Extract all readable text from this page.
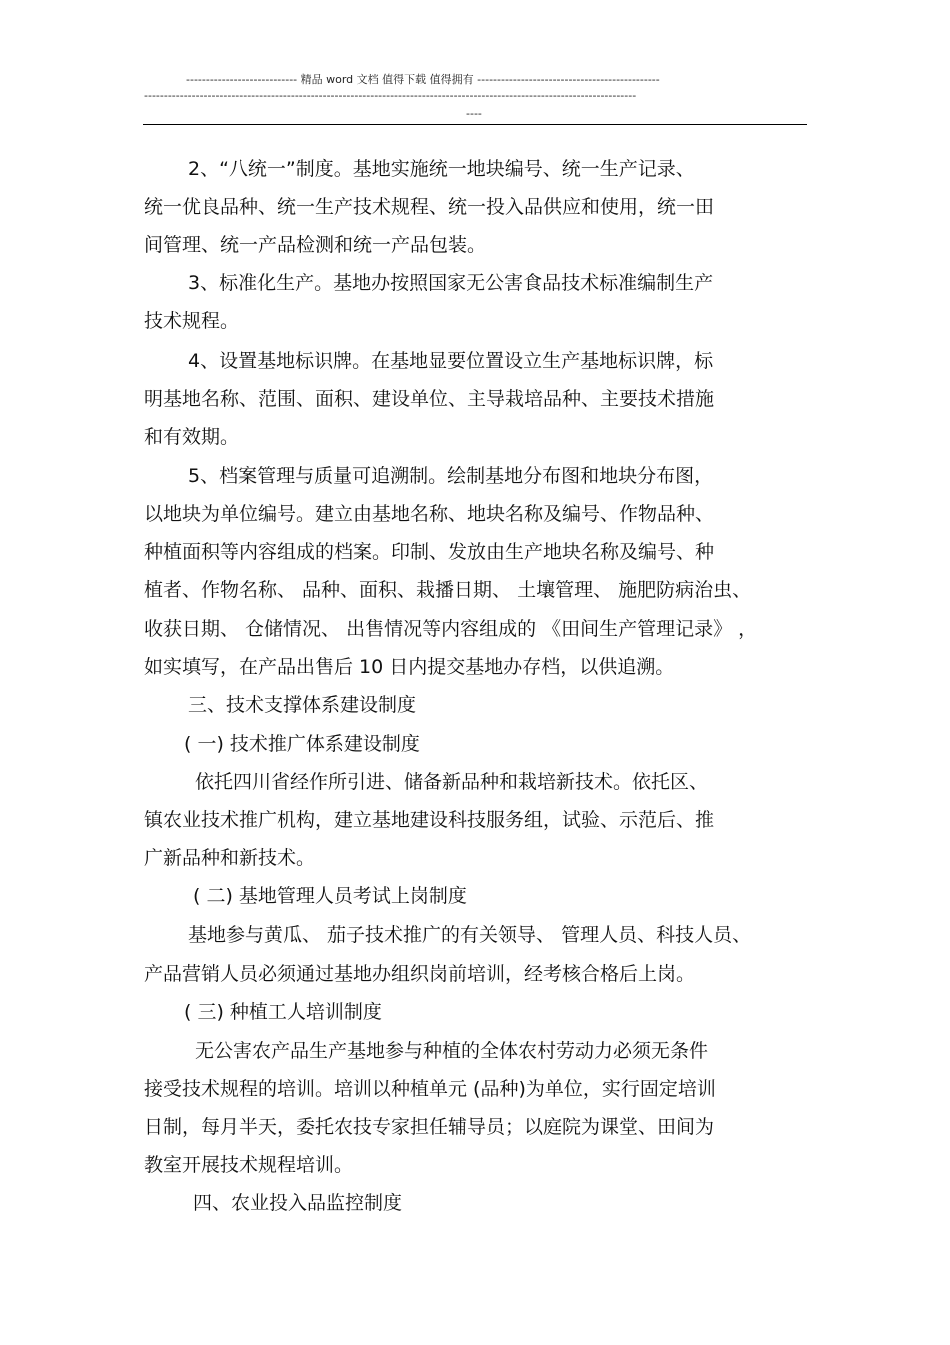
---------------------------- 精品 word 文档 值得下载 值得拥有 ----------------------------------------------
----------------------------------------------------------------------------------------------------------------------------
----
2、“八统一”制度。基地实施统一地块编号、统一生产记录、
统一优良品种、统一生产技术规程、统一投入品供应和使用，统一田
间管理、统一产品检测和统一产品包装。
3、标准化生产。基地办按照国家无公害食品技术标准编制生产
技术规程。
4、设置基地标识牌。在基地显要位置设立生产基地标识牌，标
明基地名称、范围、面积、建设单位、主导栽培品种、主要技术措施
和有效期。
5、档案管理与质量可追溯制。绘制基地分布图和地块分布图，
以地块为单位编号。建立由基地名称、地块名称及编号、作物品种、
种植面积等内容组成的档案。印制、发放由生产地块名称及编号、种
植者、作物名称、 品种、面积、栽播日期、 土壤管理、 施肥防病治虫、
收获日期、 仓储情况、 出售情况等内容组成的 《田间生产管理记录》 ，
如实填写，在产品出售后 10 日内提交基地办存档，以供追溯。
三、技术支撑体系建设制度
( 一) 技术推广体系建设制度
依托四川省经作所引进、储备新品种和栽培新技术。依托区、
镇农业技术推广机构，建立基地建设科技服务组，试验、示范后、推
广新品种和新技术。
( 二) 基地管理人员考试上岗制度
基地参与黄瓜、 茄子技术推广的有关领导、 管理人员、科技人员、
产品营销人员必须通过基地办组织岗前培训，经考核合格后上岗。
( 三) 种植工人培训制度
无公害农产品生产基地参与种植的全体农村劳动力必须无条件
接受技术规程的培训。培训以种植单元 (品种)为单位，实行固定培训
日制，每月半天，委托农技专家担任辅导员；以庭院为课堂、田间为
教室开展技术规程培训。
四、农业投入品监控制度
